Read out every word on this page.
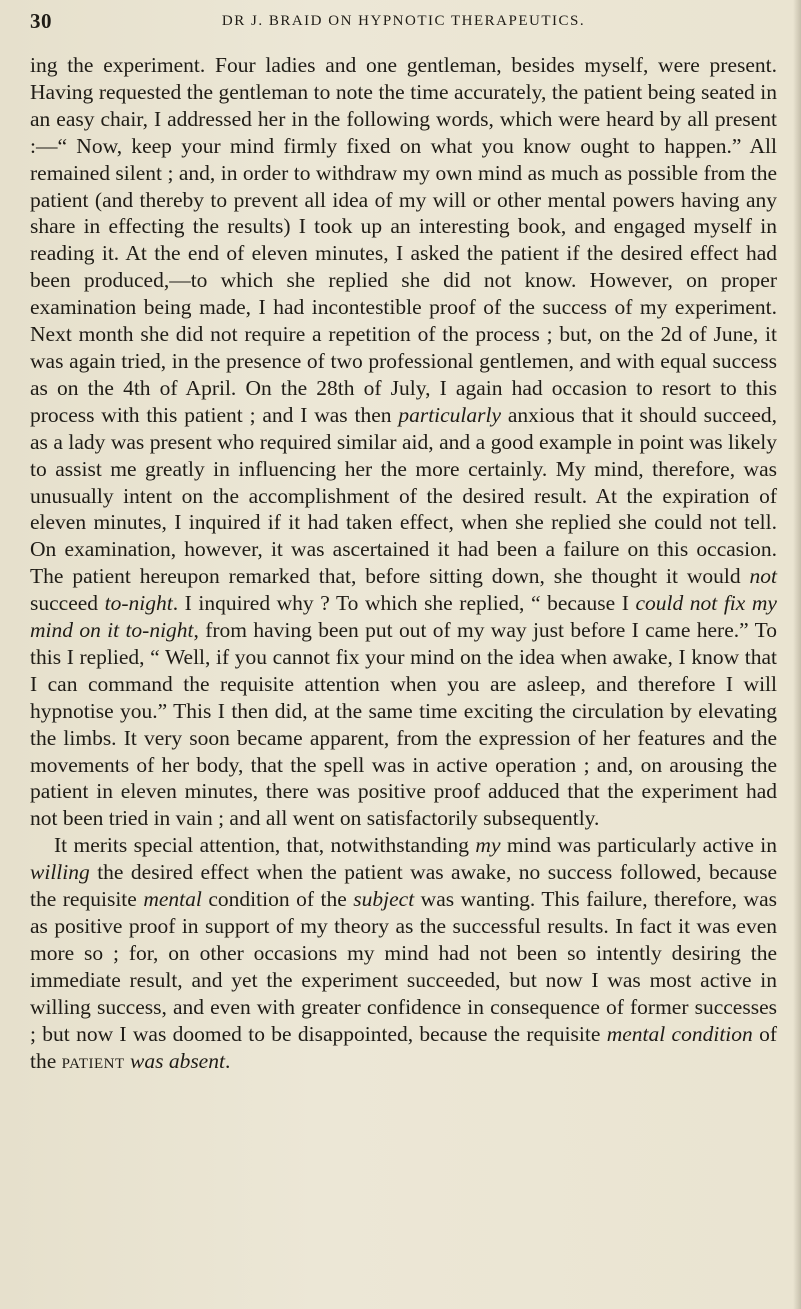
30	DR J. BRAID ON HYPNOTIC THERAPEUTICS.

ing the experiment. Four ladies and one gentleman, besides myself, were present. Having requested the gentleman to note the time accurately, the patient being seated in an easy chair, I addressed her in the following words, which were heard by all present :—“ Now, keep your mind firmly fixed on what you know ought to happen.” All remained silent ; and, in order to withdraw my own mind as much as possible from the patient (and thereby to prevent all idea of my will or other mental powers having any share in effecting the results) I took up an interesting book, and engaged myself in reading it. At the end of eleven minutes, I asked the patient if the desired effect had been produced,—to which she replied she did not know. However, on proper examination being made, I had incontestible proof of the success of my experiment. Next month she did not require a repetition of the process ; but, on the 2d of June, it was again tried, in the presence of two professional gentlemen, and with equal success as on the 4th of April. On the 28th of July, I again had occasion to resort to this process with this patient ; and I was then particularly anxious that it should succeed, as a lady was present who required similar aid, and a good example in point was likely to assist me greatly in influencing her the more certainly. My mind, therefore, was unusually intent on the accomplishment of the desired result. At the expiration of eleven minutes, I inquired if it had taken effect, when she replied she could not tell. On examination, however, it was ascertained it had been a failure on this occasion. The patient hereupon remarked that, before sitting down, she thought it would not succeed to-night. I inquired why ? To which she replied, “ because I could not fix my mind on it to-night, from having been put out of my way just before I came here.” To this I replied, “ Well, if you cannot fix your mind on the idea when awake, I know that I can command the requisite attention when you are asleep, and therefore I will hypnotise you.” This I then did, at the same time exciting the circulation by elevating the limbs. It very soon became apparent, from the expression of her features and the movements of her body, that the spell was in active operation ; and, on arousing the patient in eleven minutes, there was positive proof adduced that the experiment had not been tried in vain ; and all went on satisfactorily subsequently.

It merits special attention, that, notwithstanding my mind was particularly active in willing the desired effect when the patient was awake, no success followed, because the requisite mental condition of the subject was wanting. This failure, therefore, was as positive proof in support of my theory as the successful results. In fact it was even more so ; for, on other occasions my mind had not been so intently desiring the immediate result, and yet the experiment succeeded, but now I was most active in willing success, and even with greater confidence in consequence of former successes ; but now I was doomed to be disappointed, because the requisite mental condition of the patient was absent.
